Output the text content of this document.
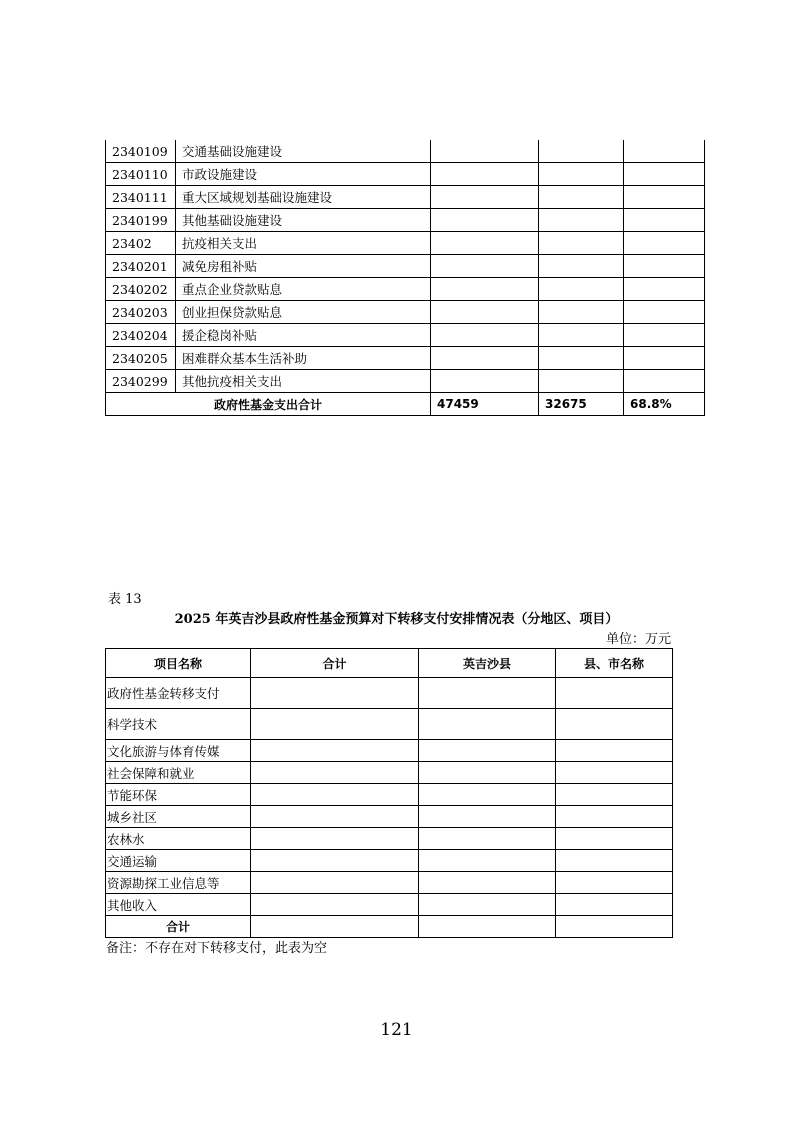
2340109	交通基础设施建设			
2340110	市政设施建设			
2340111	重大区域规划基础设施建设			
2340199	其他基础设施建设			
23402	抗疫相关支出			
2340201	减免房租补贴			
2340202	重点企业贷款贴息			
2340203	创业担保贷款贴息			
2340204	援企稳岗补贴			
2340205	困难群众基本生活补助			
2340299	其他抗疫相关支出			
政府性基金支出合计		47459	32675	68.8%
表 13
2025 年英吉沙县政府性基金预算对下转移支付安排情况表（分地区、项目）
单位：万元
项目名称	合计	英吉沙县	县、市名称
政府性基金转移支付			
科学技术			
文化旅游与体育传媒			
社会保障和就业			
节能环保			
城乡社区			
农林水			
交通运输			
资源勘探工业信息等			
其他收入			
合计			
备注：不存在对下转移支付，此表为空
121
